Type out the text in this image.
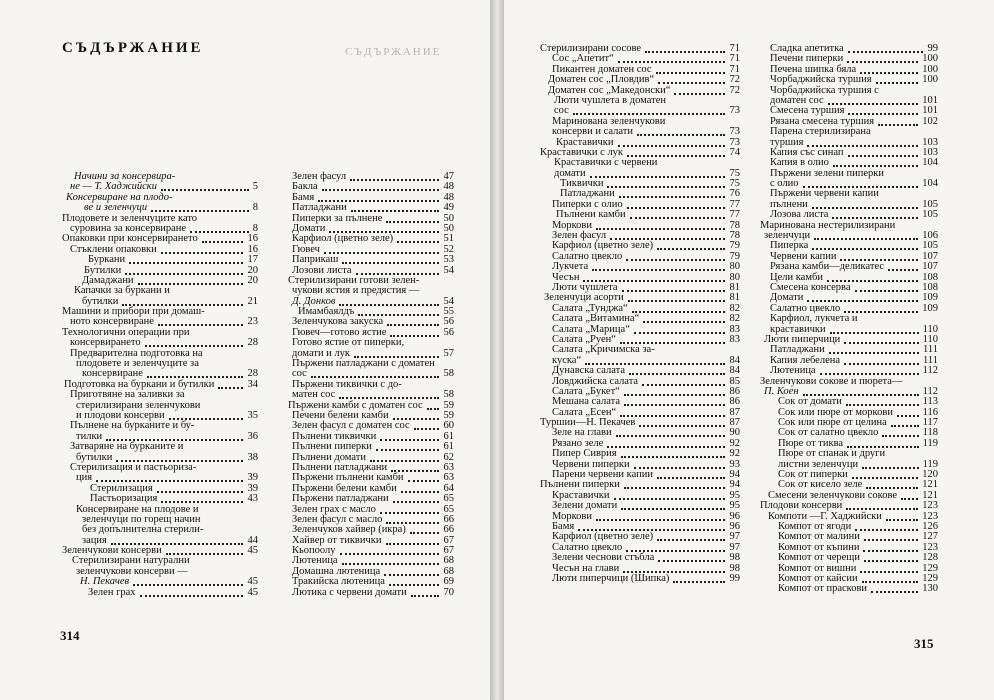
СЪДЪРЖАНИЕ	СЪДЪРЖАНИЕ
Начини за консервира-
не — Т. Хаджийски	5
Консервиране на плодо-
ве и зеленчуци	8
Плодовете и зеленчуците като
суровина за консервиране	8
Опаковки при консервирането	16
Стъклени опаковки	16
Буркани	17
Бутилки	20
Дамаджани	20
Капачки за буркани и
бутилки	21
Машини и прибори при домаш-
ното консервиране	23
Технологични операции при
консервирането	28
Предварителна подготовка на
плодовете и зеленчуците за
консервиране	28
Подготовка на буркани и бутилки	34
Приготвяне на заливки за
стерилизирани зеленчукови
и плодови консерви	35
Пълнене на бурканите и бу-
тилки	36
Затваряне на бурканите и
бутилки	38
Стерилизация и пастьориза-
ция	39
Стерилизация	39
Пастьоризация	43
Консервиране на плодове и
зеленчуци по горещ начин
без допълнителна стерили-
зация	44
Зеленчукови консерви	45
Стерилизирани натурални
зеленчукови консерви —
Н. Пекачев	45
Зелен грах	45
Зелен фасул	47
Бакла	48
Бамя	48
Патладжани	49
Пиперки за пълнене	50
Домати	50
Карфиол (цветно зеле)	51
Гювеч	52
Паприкаш	53
Лозови листа	54
Стерилизирани готови зелен-
чукови ястия и предястия —
Д. Донков	54
Имамбаялдъ	55
Зеленчукова закуска	56
Гювеч—готово ястие	56
Готово ястие от пиперки,
домати и лук	57
Пържени патладжани с доматен
сос	58
Пържени тиквички с до-
матен сос	58
Пържени камби с доматен сос 59
Печени белени камби	59
Зелен фасул с доматен сос	60
Пълнени тиквички	61
Пълнени пиперки	61
Пълнени домати	62
Пълнени патладжани	63
Пържени пълнени камби	63
Пържени белени камби	64
Пържени патладжани	65
Зелен грах с масло	65
Зелен фасул с масло	66
Зеленчуков хайвер (икра)	66
Хайвер от тиквички	67
Кьопоолу	67
Лютеница	68
Домашна лютеница	68
Тракийска лютеница	69
Лютика с червени домати	70
314
Стерилизирани сосове	71
Сос „Апетит“	71
Пикантен доматен сос	71
Доматен сос „Пловдив“	72
Доматен сос „Македонски“	72
Люти чушлета в доматен
сос	73
Маринована зеленчукови
консерви и салати	73
Краставички	73
Краставички с лук	74
Краставички с червени
домати	75
Тиквички	75
Патладжани	76
Пиперки с олио	77
Пълнени камби	77
Моркови	78
Зелен фасул	78
Карфиол (цветно зеле)	79
Салатно цвекло	79
Лукчета	80
Чесън	80
Люти чушлета	81
Зеленчуци асорти	81
Салата „Тунджа“	82
Салата „Витамина“	82
Салата „Марица“	83
Салата „Руен“	83
Салата „Кричимска за-
куска“	84
Дунавска салата	84
Ловджийска салата	85
Салата „Букет“	86
Мешана салата	86
Салата „Есен“	87
Туршии—Н. Пекачев	87
Зеле на глави	90
Рязано зеле	92
Пипер Сиврия	92
Червени пиперки	93
Парени червени капии	94
Пълнени пиперки	94
Краставички	95
Зелени домати	95
Моркови	96
Бамя	96
Карфиол (цветно зеле)	97
Салатно цвекло	97
Зелени чеснови стъбла	98
Чесън на глави	98
Люти пиперчици (Шипка)	99
Сладка апетитка	99
Печени пиперки	100
Печена шипка бяла	100
Чорбаджийска туршия	100
Чорбаджийска туршия с
доматен сос	101
Смесена туршия	101
Рязана смесена туршия	102
Парена стерилизирана
туршия	103
Капия със синап	103
Капия в олио	104
Пържени зелени пиперки
с олио	104
Пържени червени капии
пълнени	105
Лозова листа	105
Маринована нестерилизирани
зеленчуци	106
Пиперка	105
Червени капии	107
Рязана камби—деликатес	107
Цели камби	108
Смесена консерва	108
Домати	109
Салатно цвекло	109
Карфиол, лукчета и
краставички	110
Люти пиперчици	110
Патладжани	111
Капия лебелена	111
Лютеница	112
Зеленчукови сокове и пюрета—
П. Коен	112
Сок от домати	113
Сок или пюре от моркови	116
Сок или пюре от целина	117
Сок от салатно цвекло	118
Пюре от тиква	119
Пюре от спанак и други
листни зеленчуци	119
Сок от пиперки	120
Сок от кисело зеле	121
Смесени зеленчукови сокове 121
Плодови консерви	123
Компоти —Г. Хаджийски	123
Компот от ягоди	126
Компот от малини	127
Компот от къпини	123
Компот от черещи	128
Компот от вишни	129
Компот от кайсии	129
Компот от праскови	130
315
